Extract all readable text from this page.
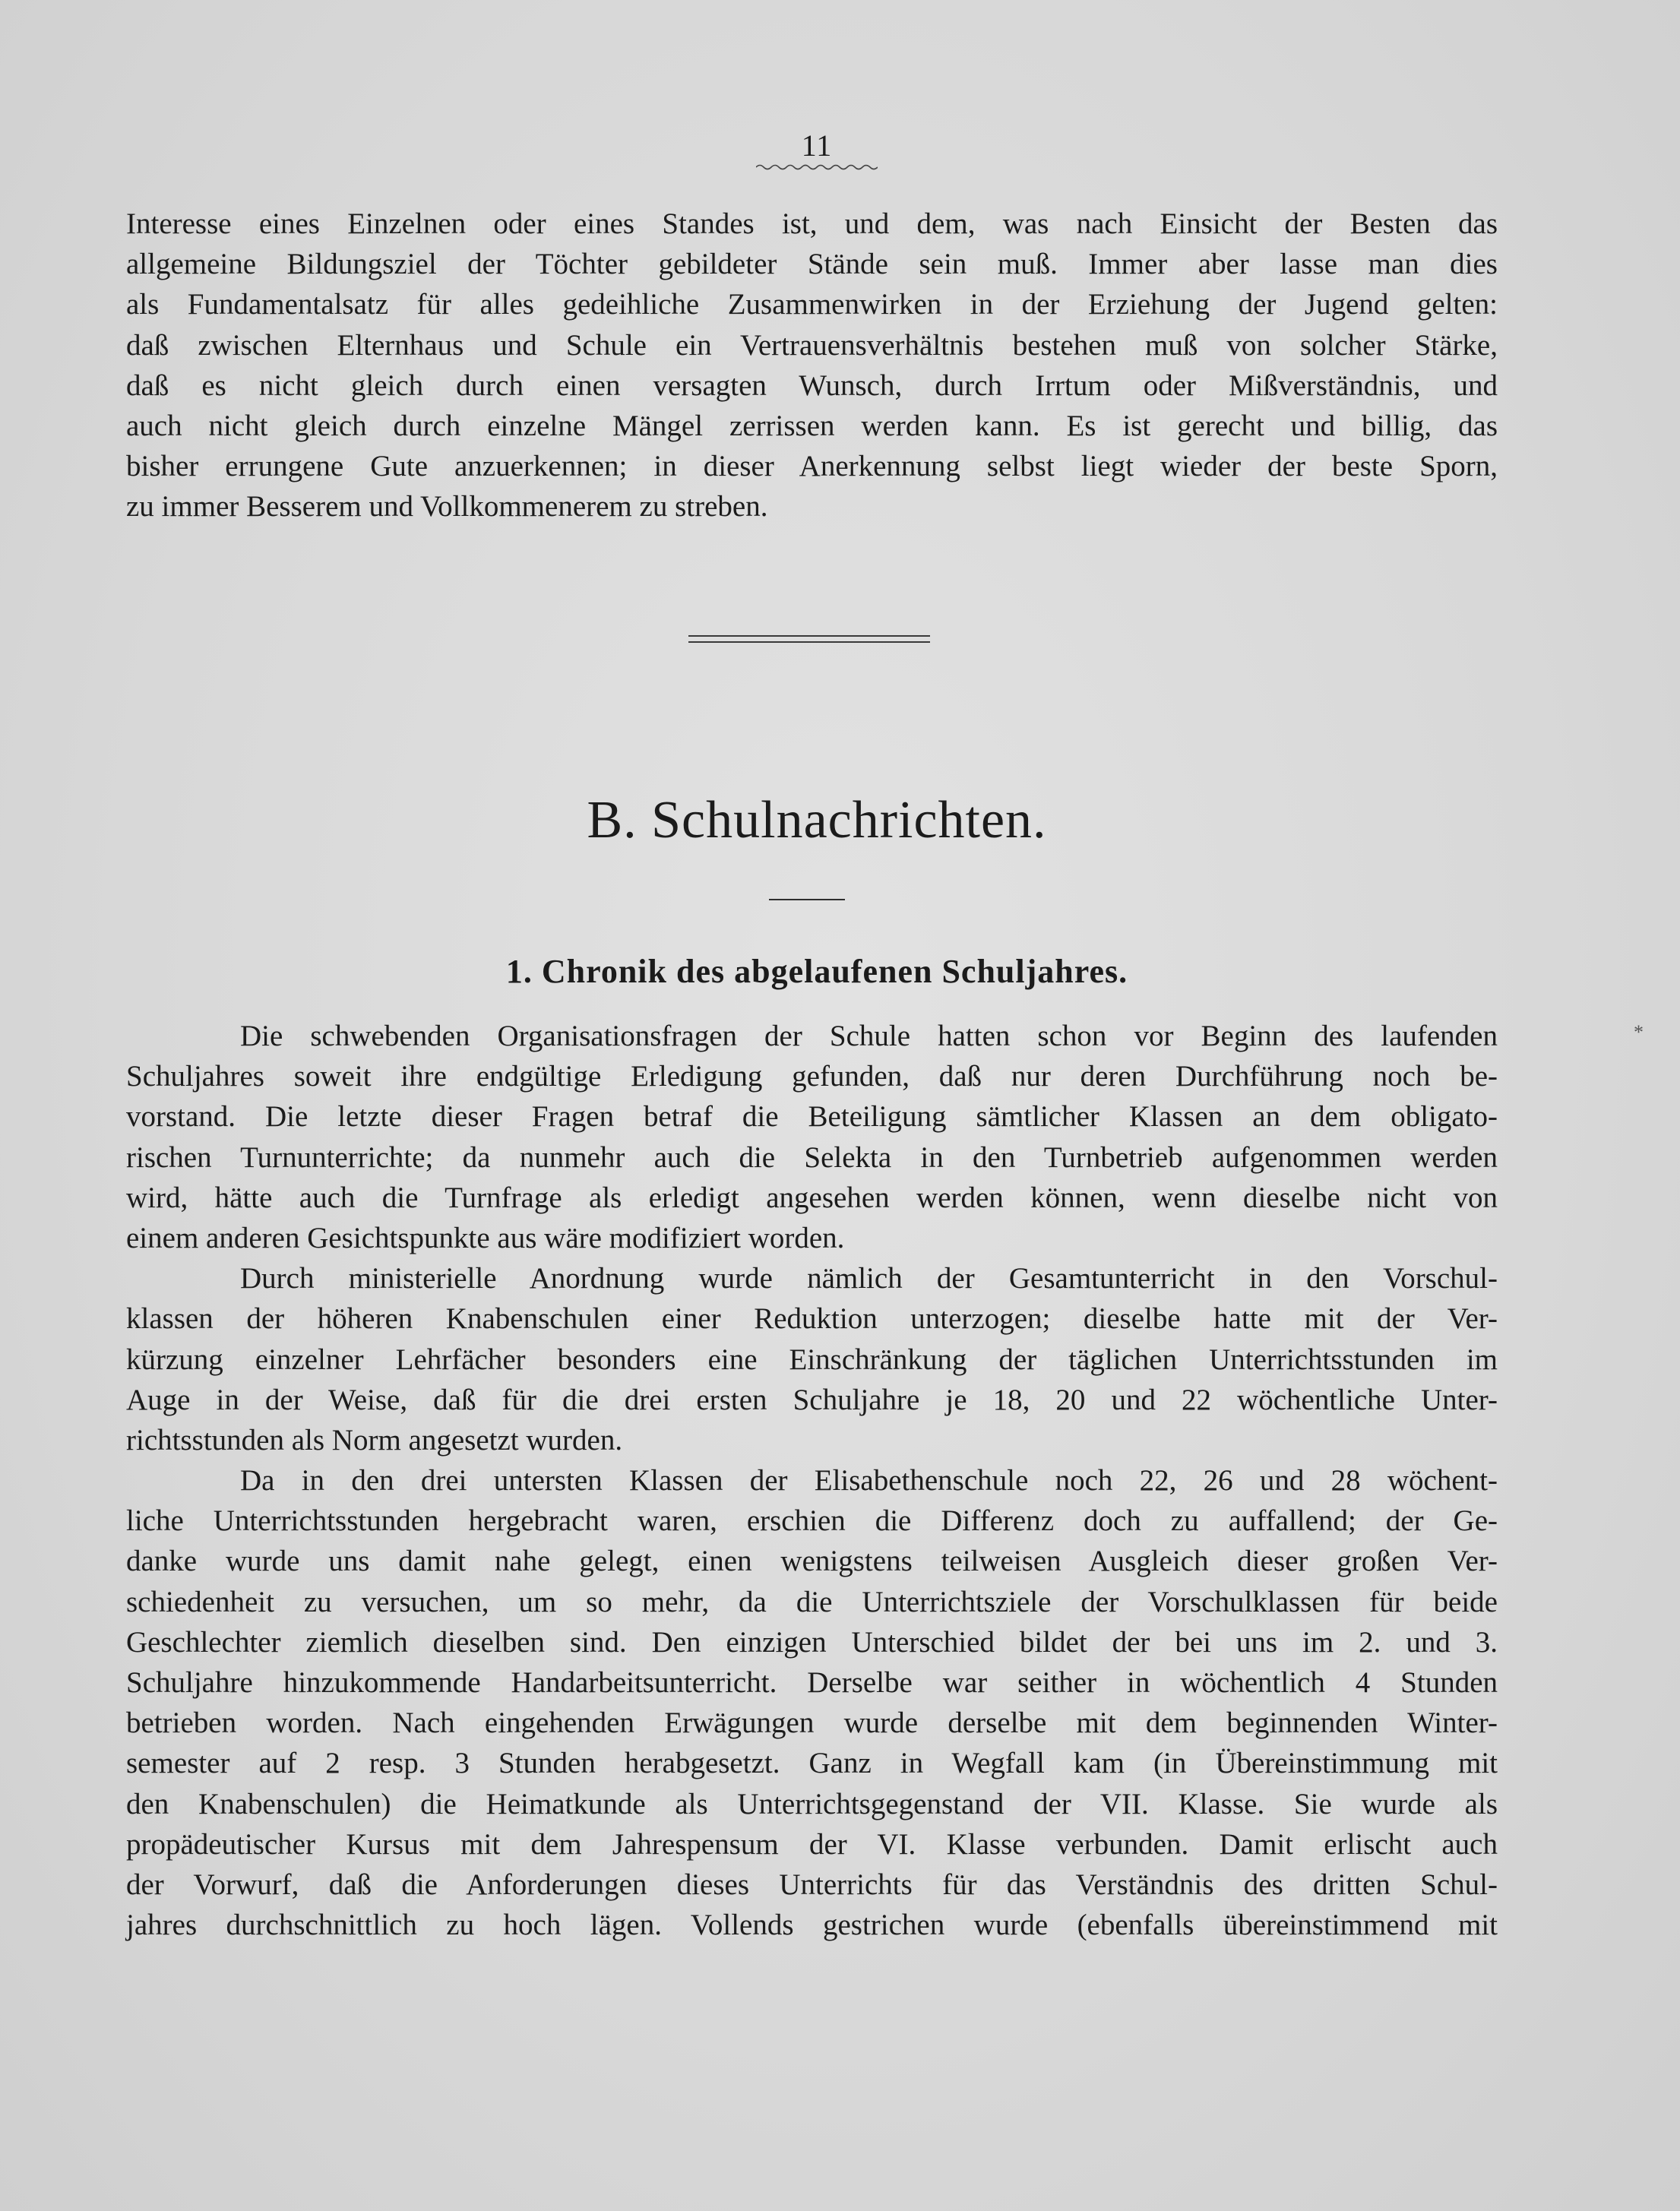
11
Interesse eines Einzelnen oder eines Standes ist, und dem, was nach Einsicht der Besten das
allgemeine Bildungsziel der Töchter gebildeter Stände sein muß. Immer aber lasse man dies
als Fundamentalsatz für alles gedeihliche Zusammenwirken in der Erziehung der Jugend gelten:
daß zwischen Elternhaus und Schule ein Vertrauensverhältnis bestehen muß von solcher Stärke,
daß es nicht gleich durch einen versagten Wunsch, durch Irrtum oder Mißverständnis, und
auch nicht gleich durch einzelne Mängel zerrissen werden kann. Es ist gerecht und billig, das
bisher errungene Gute anzuerkennen; in dieser Anerkennung selbst liegt wieder der beste Sporn,
zu immer Besserem und Vollkommenerem zu streben.
B. Schulnachrichten.
1. Chronik des abgelaufenen Schuljahres.
*
Die schwebenden Organisationsfragen der Schule hatten schon vor Beginn des laufenden
Schuljahres soweit ihre endgültige Erledigung gefunden, daß nur deren Durchführung noch be-
vorstand. Die letzte dieser Fragen betraf die Beteiligung sämtlicher Klassen an dem obligato-
rischen Turnunterrichte; da nunmehr auch die Selekta in den Turnbetrieb aufgenommen werden
wird, hätte auch die Turnfrage als erledigt angesehen werden können, wenn dieselbe nicht von
einem anderen Gesichtspunkte aus wäre modifiziert worden.
Durch ministerielle Anordnung wurde nämlich der Gesamtunterricht in den Vorschul-
klassen der höheren Knabenschulen einer Reduktion unterzogen; dieselbe hatte mit der Ver-
kürzung einzelner Lehrfächer besonders eine Einschränkung der täglichen Unterrichtsstunden im
Auge in der Weise, daß für die drei ersten Schuljahre je 18, 20 und 22 wöchentliche Unter-
richtsstunden als Norm angesetzt wurden.
Da in den drei untersten Klassen der Elisabethenschule noch 22, 26 und 28 wöchent-
liche Unterrichtsstunden hergebracht waren, erschien die Differenz doch zu auffallend; der Ge-
danke wurde uns damit nahe gelegt, einen wenigstens teilweisen Ausgleich dieser großen Ver-
schiedenheit zu versuchen, um so mehr, da die Unterrichtsziele der Vorschulklassen für beide
Geschlechter ziemlich dieselben sind. Den einzigen Unterschied bildet der bei uns im 2. und 3.
Schuljahre hinzukommende Handarbeitsunterricht. Derselbe war seither in wöchentlich 4 Stunden
betrieben worden. Nach eingehenden Erwägungen wurde derselbe mit dem beginnenden Winter-
semester auf 2 resp. 3 Stunden herabgesetzt. Ganz in Wegfall kam (in Übereinstimmung mit
den Knabenschulen) die Heimatkunde als Unterrichtsgegenstand der VII. Klasse. Sie wurde als
propädeutischer Kursus mit dem Jahrespensum der VI. Klasse verbunden. Damit erlischt auch
der Vorwurf, daß die Anforderungen dieses Unterrichts für das Verständnis des dritten Schul-
jahres durchschnittlich zu hoch lägen. Vollends gestrichen wurde (ebenfalls übereinstimmend mit
